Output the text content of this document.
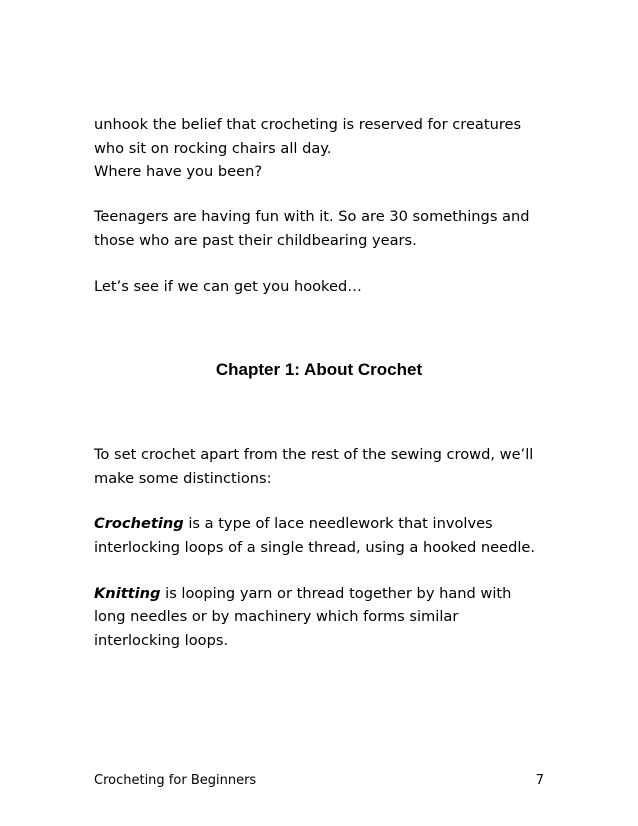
unhook the belief that crocheting is reserved for creatures

who sit on rocking chairs all day.

Where have you been?

Teenagers are having fun with it. So are 30 somethings and

those who are past their childbearing years.

Let’s see if we can get you hooked…

Chapter 1: About Crochet

To set crochet apart from the rest of the sewing crowd, we’ll

make some distinctions:

Crocheting is a type of lace needlework that involves

interlocking loops of a single thread, using a hooked needle.

Knitting is looping yarn or thread together by hand with

long needles or by machinery which forms similar

interlocking loops.

Crocheting for Beginners	7
